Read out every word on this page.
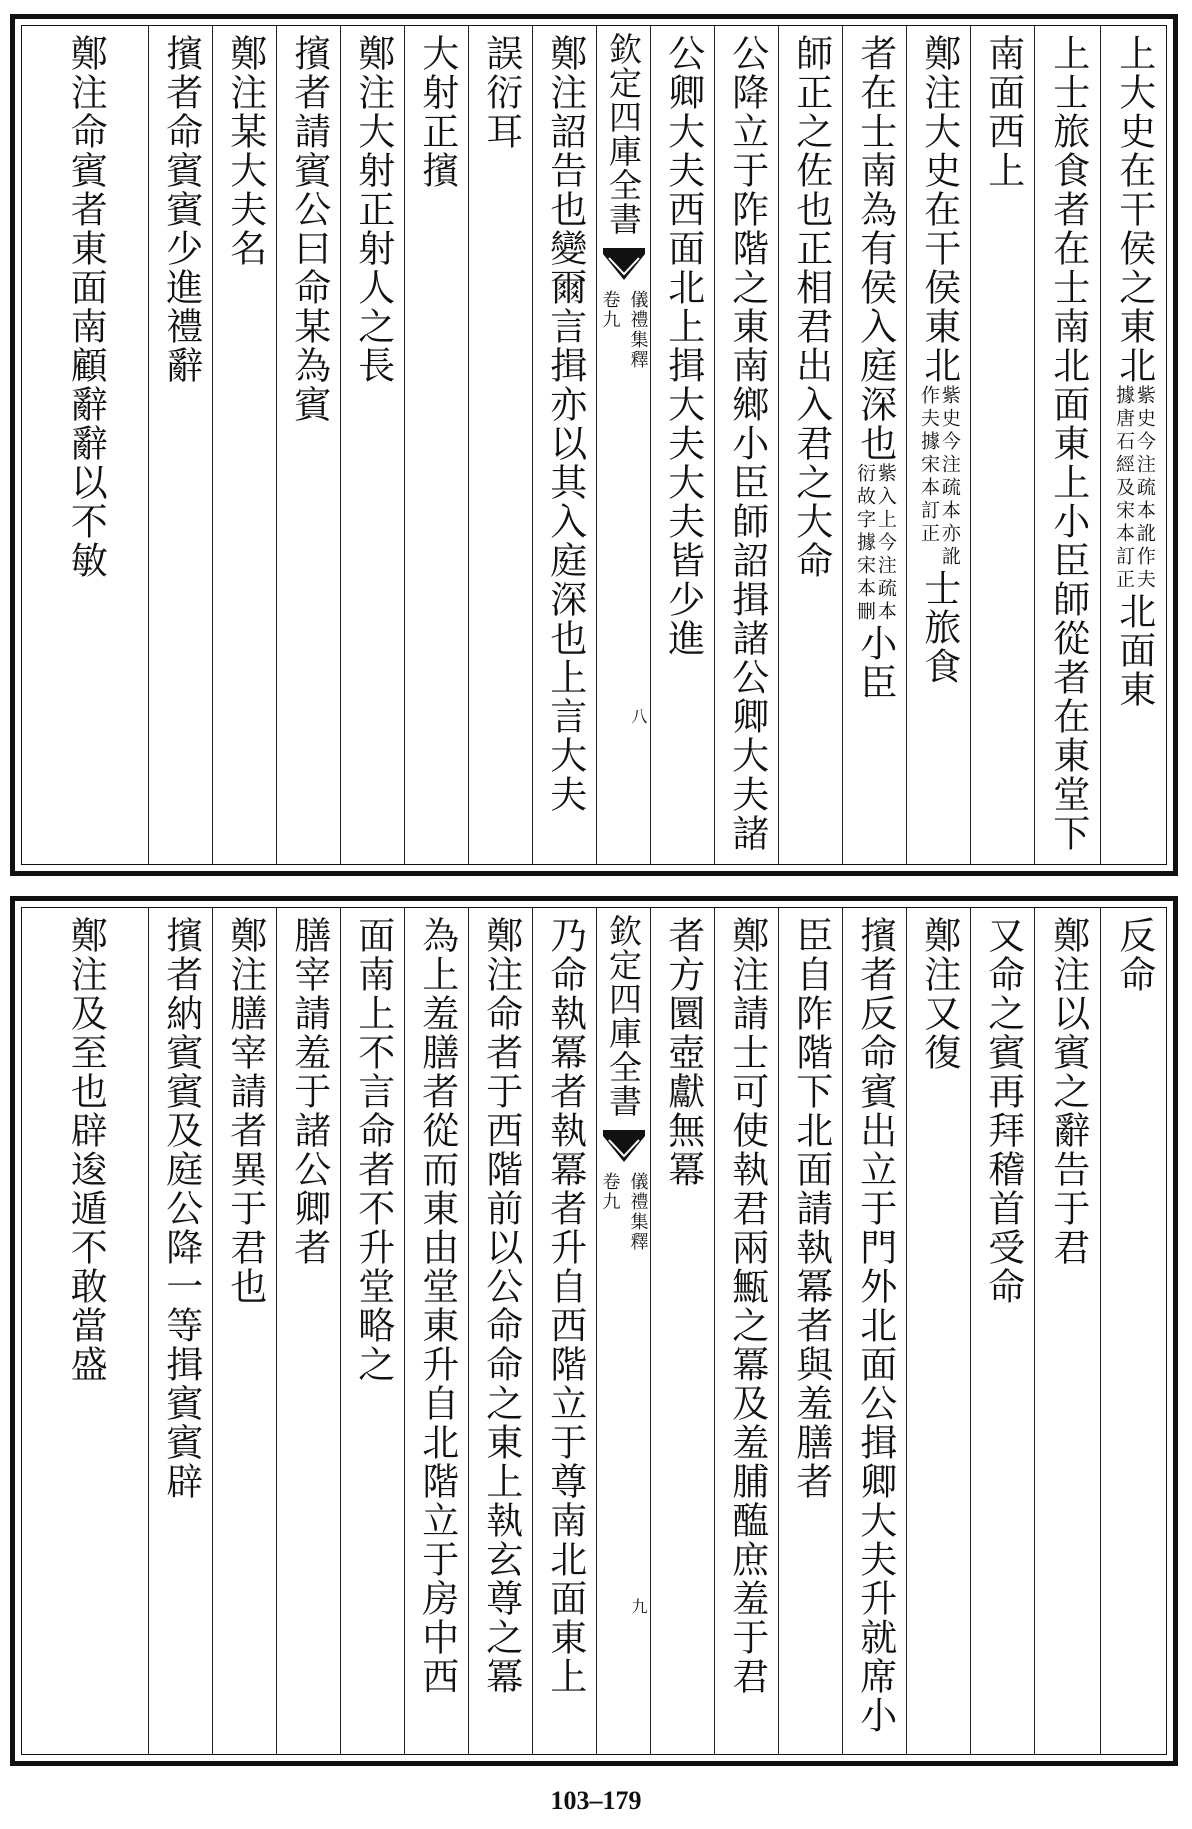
上大史在干侯之東北
紫史今注疏本訛作夫
據唐石經及宋本訂正
北面東
上士旅食者在士南北面東上小臣師從者在東堂下
南面西上
鄭注大史在干侯東北
紫史今注疏本亦訛
作夫據宋本訂正
士旅食
者在士南為有侯入庭深也
紫入上今注疏本
衍故字據宋本刪
小臣
師正之佐也正相君出入君之大命
公降立于阼階之東南鄉小臣師詔揖諸公卿大夫諸
公卿大夫西面北上揖大夫大夫皆少進
欽定四庫全書
儀禮集釋
卷九
八
鄭注詔告也變爾言揖亦以其入庭深也上言大夫
誤衍耳
大射正擯
鄭注大射正射人之長
擯者請賓公曰命某為賓
鄭注某大夫名
擯者命賓賓少進禮辭
鄭注命賓者東面南顧辭辭以不敏
反命
鄭注以賓之辭告于君
又命之賓再拜稽首受命
鄭注又復
擯者反命賓出立于門外北面公揖卿大夫升就席小
臣自阼階下北面請執冪者與羞膳者
鄭注請士可使執君兩甒之冪及羞脯醢庶羞于君
者方圜壺獻無冪
欽定四庫全書
儀禮集釋
卷九
九
乃命執冪者執冪者升自西階立于尊南北面東上
鄭注命者于西階前以公命命之東上執玄尊之冪
為上羞膳者從而東由堂東升自北階立于房中西
面南上不言命者不升堂略之
膳宰請羞于諸公卿者
鄭注膳宰請者異于君也
擯者納賓賓及庭公降一等揖賓賓辟
鄭注及至也辟逡遁不敢當盛
103–179
